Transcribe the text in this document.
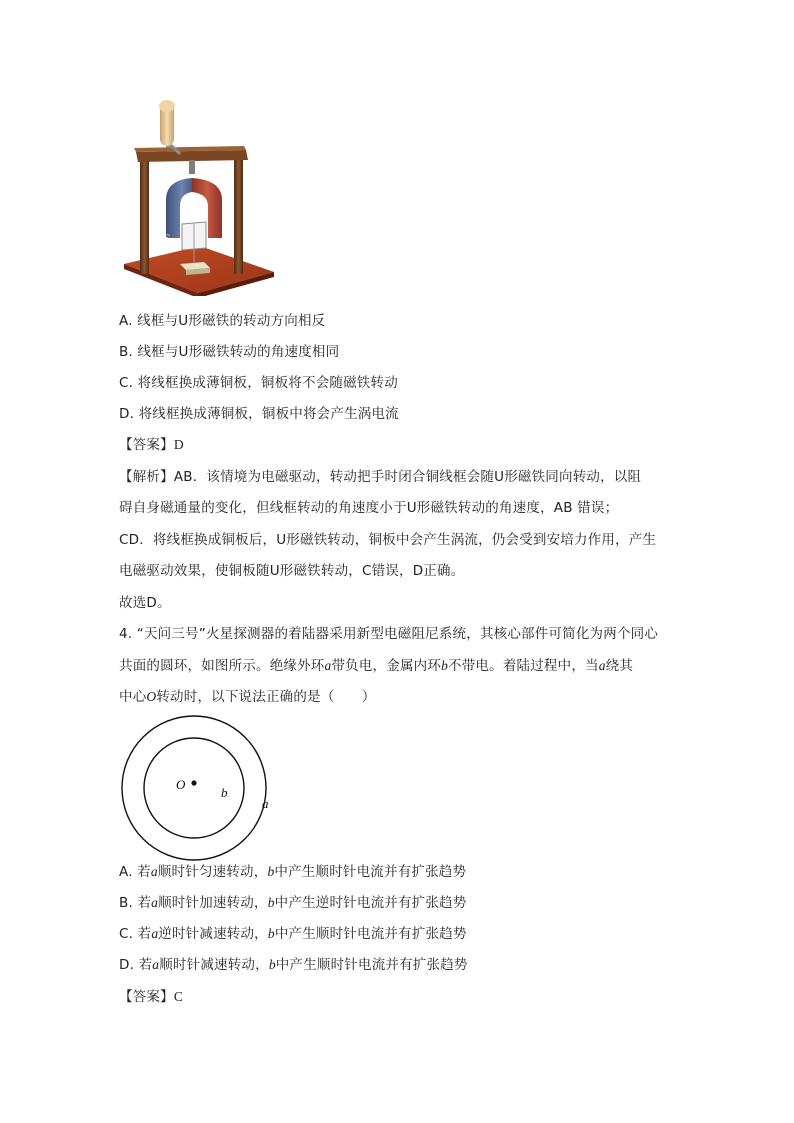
S	N
A. 线框与U形磁铁的转动方向相反
B. 线框与U形磁铁转动的角速度相同
C. 将线框换成薄铜板，铜板将不会随磁铁转动
D. 将线框换成薄铜板，铜板中将会产生涡电流
【答案】D
【解析】AB．该情境为电磁驱动，转动把手时闭合铜线框会随U形磁铁同向转动，以阻
碍自身磁通量的变化，但线框转动的角速度小于U形磁铁转动的角速度，AB 错误；
CD．将线框换成铜板后，U形磁铁转动，铜板中会产生涡流，仍会受到安培力作用，产生
电磁驱动效果，使铜板随U形磁铁转动，C错误，D正确。
故选D。
4. “天问三号”火星探测器的着陆器采用新型电磁阻尼系统，其核心部件可简化为两个同心
共面的圆环，如图所示。绝缘外环a带负电，金属内环b不带电。着陆过程中，当a绕其
中心O转动时，以下说法正确的是（　　）
O
b
a
A. 若a顺时针匀速转动，b中产生顺时针电流并有扩张趋势
B. 若a顺时针加速转动，b中产生逆时针电流并有扩张趋势
C. 若a逆时针减速转动，b中产生顺时针电流并有扩张趋势
D. 若a顺时针减速转动，b中产生顺时针电流并有扩张趋势
【答案】C
